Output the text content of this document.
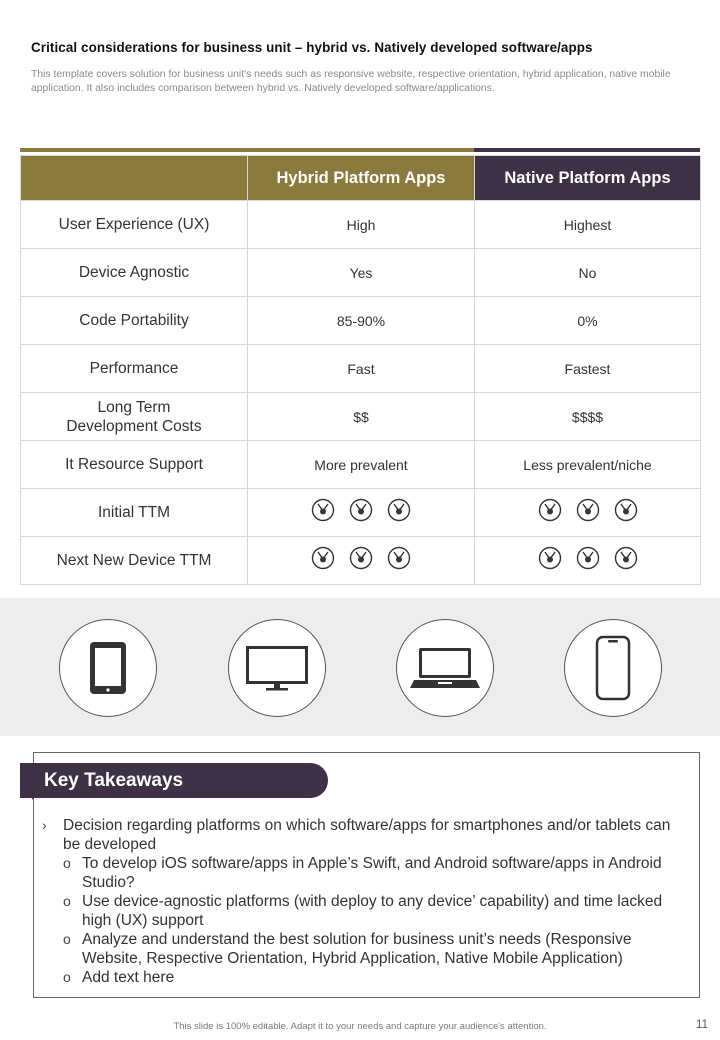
Critical considerations for business unit – hybrid vs. Natively developed software/apps
This template covers solution for business unit's needs such as responsive website, respective orientation, hybrid application, native mobile application. It also includes comparison between hybrid vs. Natively developed software/applications.
	Hybrid Platform Apps	Native Platform Apps
User Experience (UX)	High	Highest
Device Agnostic	Yes	No
Code Portability	85-90%	0%
Performance	Fast	Fastest
Long Term
Development Costs	$$	$$$$
It Resource Support	More prevalent	Less prevalent/niche
Initial TTM	

Next New Device TTM	

Key Takeaways
›	Decision regarding platforms on which software/apps for smartphones and/or tablets can be developed
o To develop iOS software/apps in Apple’s Swift, and Android software/apps in Android Studio?
o Use device-agnostic platforms (with deploy to any device’ capability) and time lacked high (UX) support
o Analyze and understand the best solution for business unit’s needs (Responsive Website, Respective Orientation, Hybrid Application, Native Mobile Application)
o Add text here
This slide is 100% editable. Adapt it to your needs and capture your audience's attention.	11
